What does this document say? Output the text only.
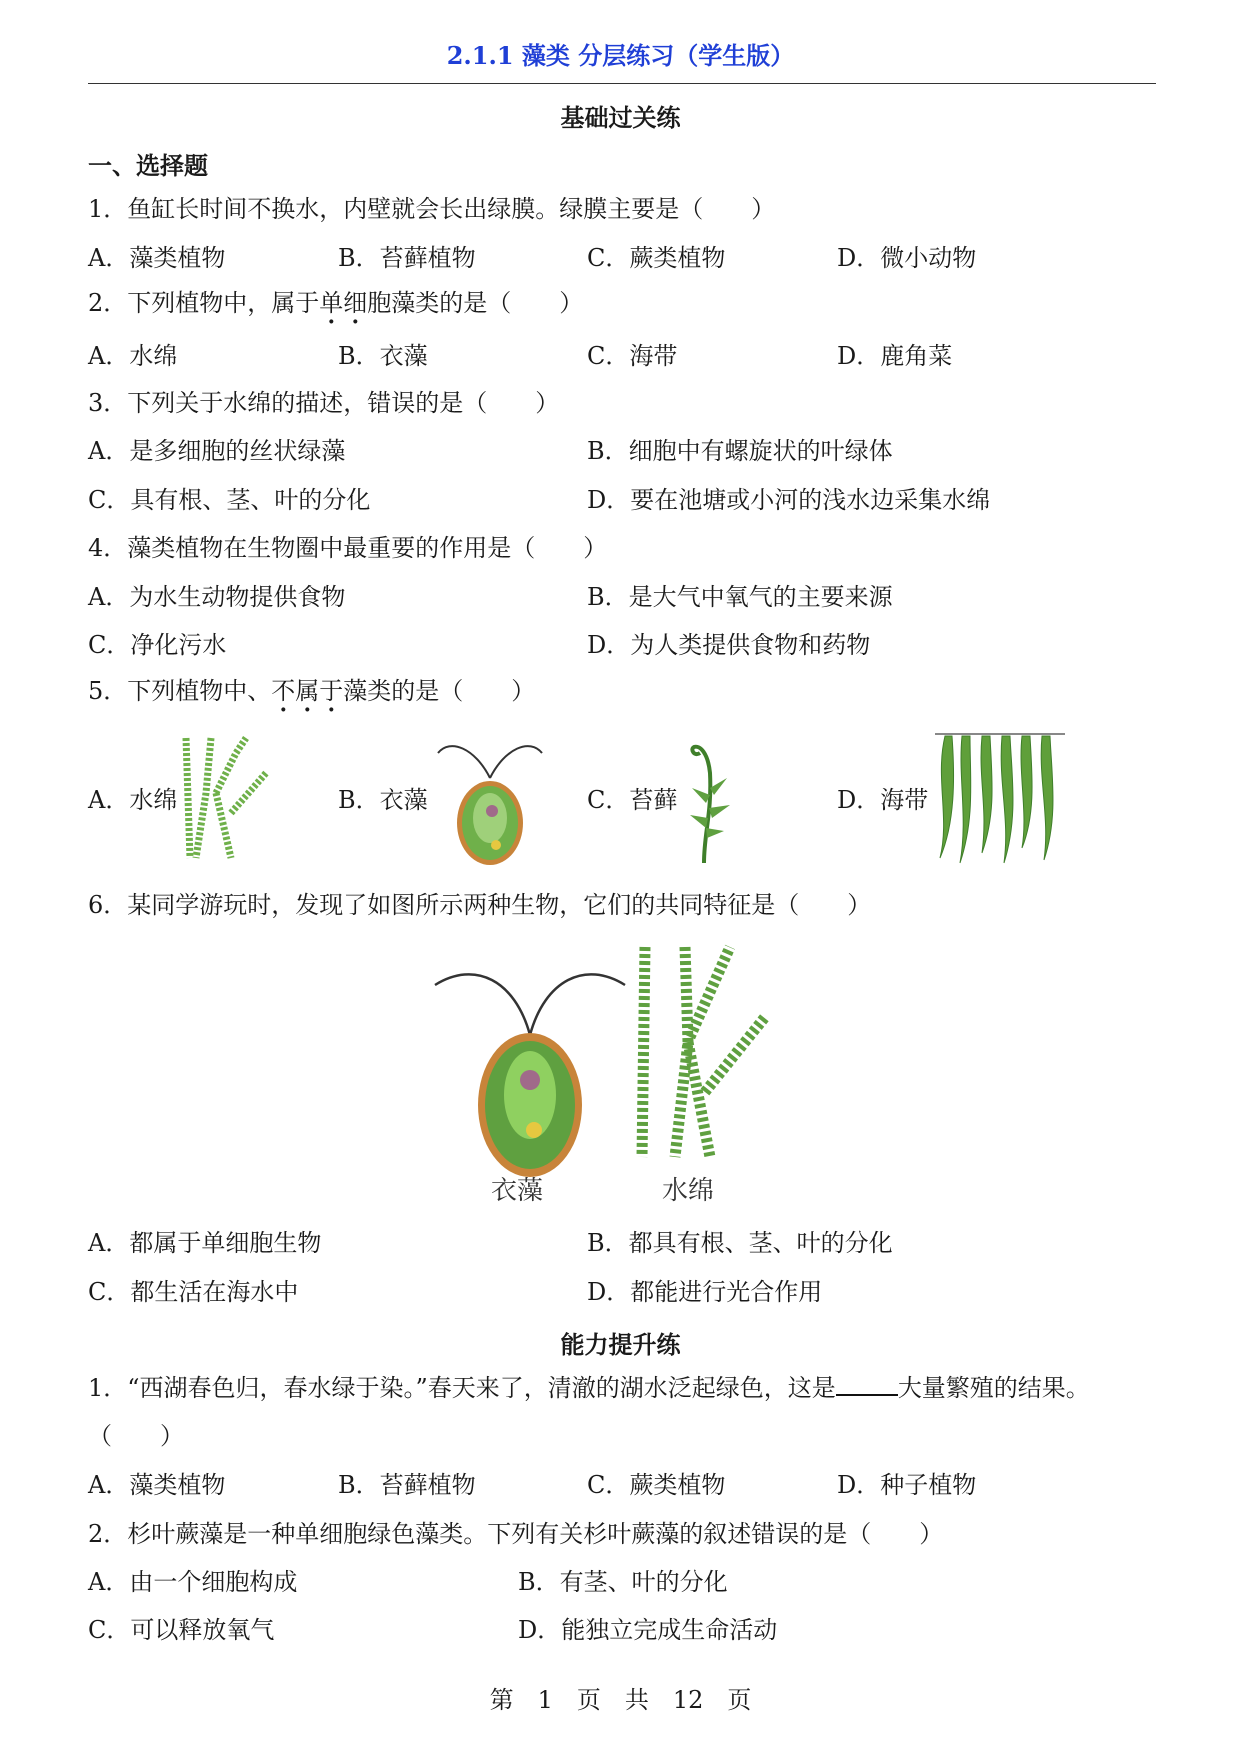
2.1.1 藻类 分层练习（学生版）
基础过关练
一、选择题
1．鱼缸长时间不换水，内壁就会长出绿膜。绿膜主要是（　　）
A．藻类植物	B．苔藓植物	C．蕨类植物	D．微小动物
2．下列植物中，属于单细胞藻类的是（　　）
A．水绵	B．衣藻	C．海带	D．鹿角菜
3．下列关于水绵的描述，错误的是（　　）
A．是多细胞的丝状绿藻	B．细胞中有螺旋状的叶绿体
C．具有根、茎、叶的分化	D．要在池塘或小河的浅水边采集水绵
4．藻类植物在生物圈中最重要的作用是（　　）
A．为水生动物提供食物	B．是大气中氧气的主要来源
C．净化污水	D．为人类提供食物和药物
5．下列植物中、不属于藻类的是（　　）
A．水绵	B．衣藻	C．苔藓	D．海带
6．某同学游玩时，发现了如图所示两种生物，它们的共同特征是（　　）
衣藻	水绵
A．都属于单细胞生物	B．都具有根、茎、叶的分化
C．都生活在海水中	D．都能进行光合作用
能力提升练
1．“西湖春色归，春水绿于染。”春天来了，清澈的湖水泛起绿色，这是	大量繁殖的结果。
（　　）
A．藻类植物	B．苔藓植物	C．蕨类植物	D．种子植物
2．杉叶蕨藻是一种单细胞绿色藻类。下列有关杉叶蕨藻的叙述错误的是（　　）
A．由一个细胞构成	B．有茎、叶的分化
C．可以释放氧气	D．能独立完成生命活动
第　1　页　共　12　页
